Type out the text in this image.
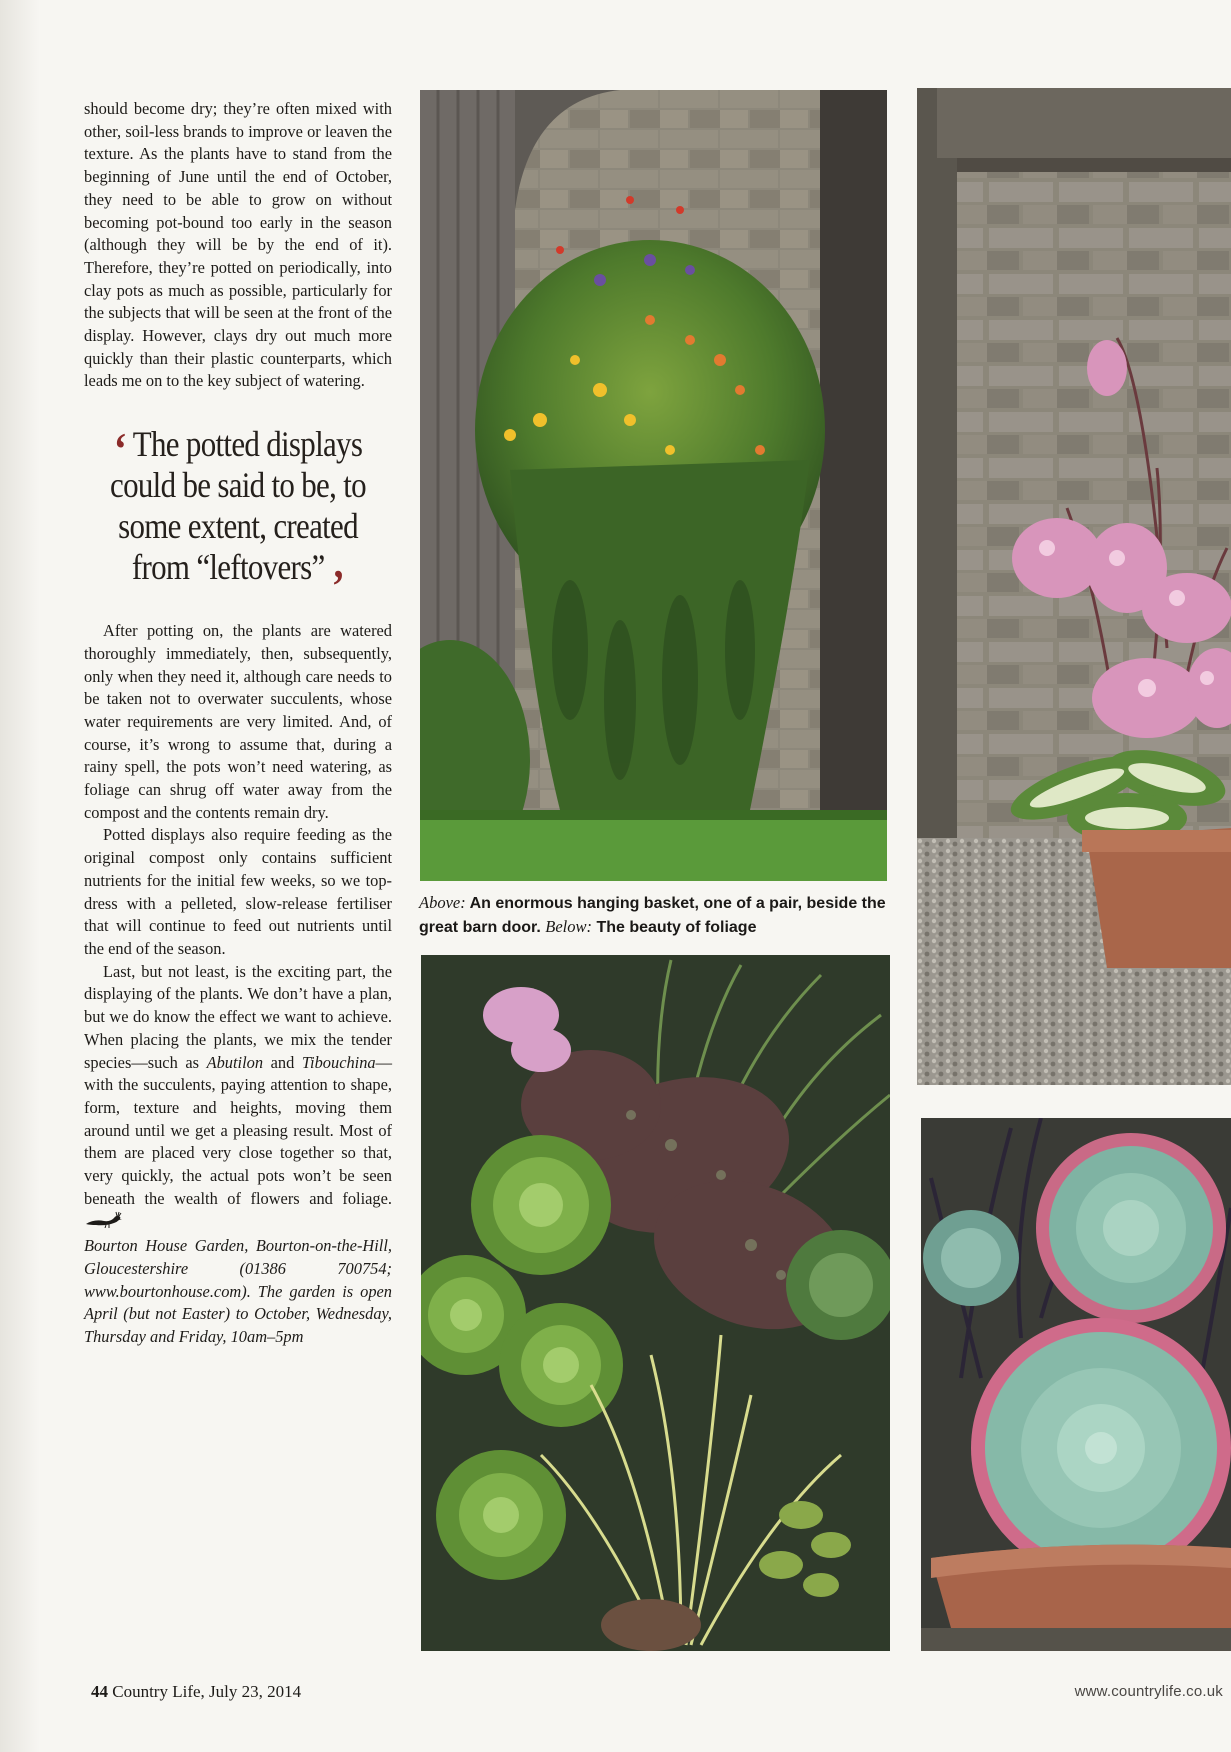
should become dry; they’re often mixed with other, soil-less brands to improve or leaven the texture. As the plants have to stand from the beginning of June until the end of October, they need to be able to grow on without becoming pot-bound too early in the season (although they will be by the end of it). Therefore, they’re potted on periodically, into clay pots as much as possible, particularly for the subjects that will be seen at the front of the display. However, clays dry out much more quickly than their plastic counterparts, which leads me on to the key subject of watering.

‘ The potted displays could be said to be, to some extent, created from “leftovers” ’

After potting on, the plants are watered thoroughly immediately, then, subsequently, only when they need it, although care needs to be taken not to overwater succulents, whose water requirements are very limited. And, of course, it’s wrong to assume that, during a rainy spell, the pots won’t need watering, as foliage can shrug off water away from the compost and the contents remain dry.

Potted displays also require feeding as the original compost only contains sufficient nutrients for the initial few weeks, so we top-dress with a pelleted, slow-release fertiliser that will continue to feed out nutrients until the end of the season.

Last, but not least, is the exciting part, the displaying of the plants. We don’t have a plan, but we do know the effect we want to achieve. When placing the plants, we mix the tender species—such as Abutilon and Tibouchina—with the succulents, paying attention to shape, form, texture and heights, moving them around until we get a pleasing result. Most of them are placed very close together so that, very quickly, the actual pots won’t be seen beneath the wealth of flowers and foliage.

Bourton House Garden, Bourton-on-the-Hill, Gloucestershire (01386 700754; www.bourtonhouse.com). The garden is open April (but not Easter) to October, Wednesday, Thursday and Friday, 10am–5pm

Above: An enormous hanging basket, one of a pair, beside the great barn door. Below: The beauty of foliage
44 Country Life, July 23, 2014	www.countrylife.co.uk
